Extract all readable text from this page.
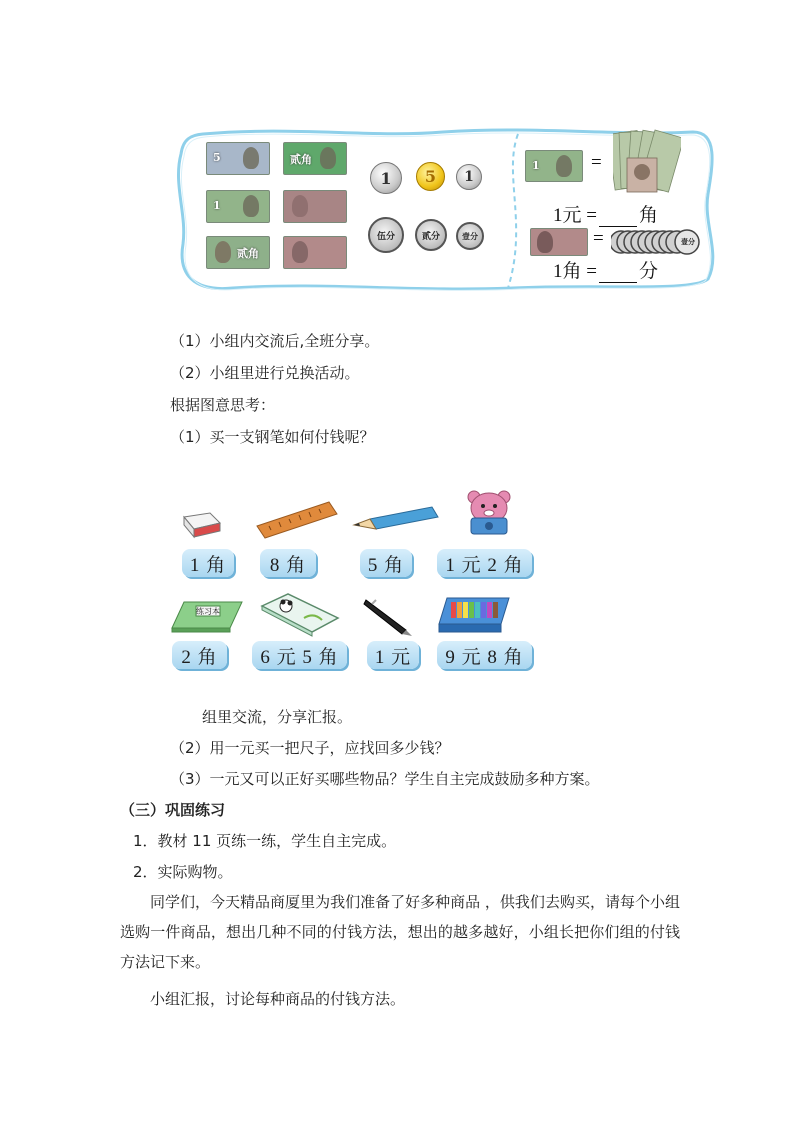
5	贰角
1
贰角
1	5	1
伍分	贰分	壹分
1	=
1元 = 角
=	壹分
1角 = 分
（1）小组内交流后,全班分享。
（2）小组里进行兑换活动。
根据图意思考：
（1）买一支钢笔如何付钱呢？
1 角	8 角	5 角	1 元 2 角
练习本
2 角	6 元 5 角	1 元	9 元 8 角
组里交流，分享汇报。
（2）用一元买一把尺子，应找回多少钱？
（3）一元又可以正好买哪些物品？学生自主完成鼓励多种方案。
（三）巩固练习
1．教材 11 页练一练，学生自主完成。
2．实际购物。
同学们，今天精品商厦里为我们准备了好多种商品 ，供我们去购买，请每个小组选购一件商品，想出几种不同的付钱方法，想出的越多越好，小组长把你们组的付钱方法记下来。
小组汇报，讨论每种商品的付钱方法。
